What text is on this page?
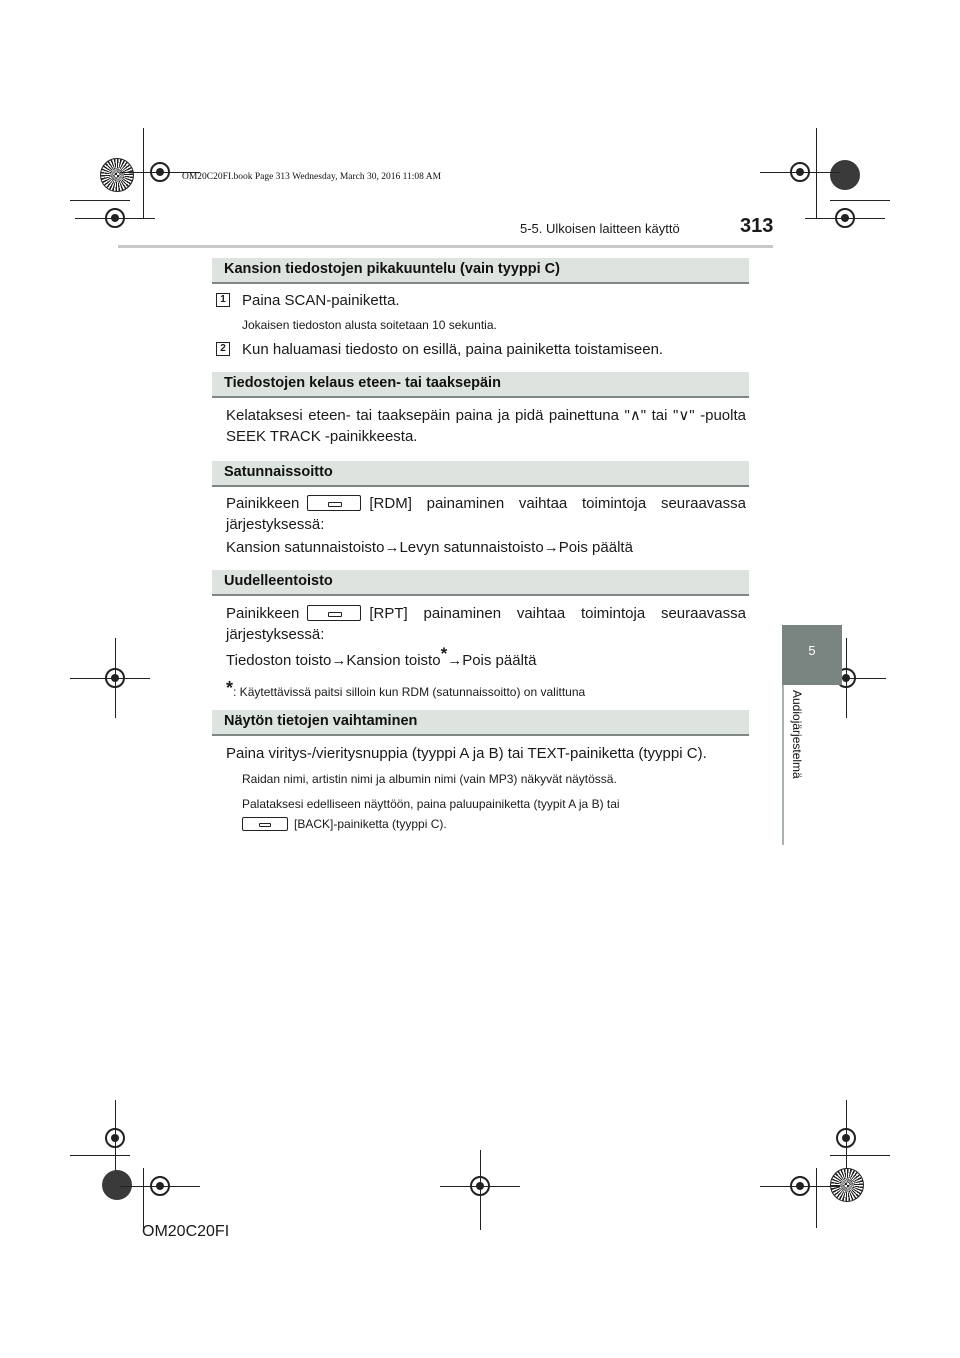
OM20C20FI.book Page 313 Wednesday, March 30, 2016 11:08 AM
5-5. Ulkoisen laitteen käyttö	313
5
Audiojärjestelmä
Kansion tiedostojen pikakuuntelu (vain tyyppi C)
1 Paina SCAN-painiketta.
Jokaisen tiedoston alusta soitetaan 10 sekuntia.
2 Kun haluamasi tiedosto on esillä, paina painiketta toistamiseen.
Tiedostojen kelaus eteen- tai taaksepäin
Kelataksesi eteen- tai taaksepäin paina ja pidä painettuna "∧" tai "∨" -puolta SEEK TRACK -painikkeesta.
Satunnaissoitto
Painikkeen	[RDM] painaminen vaihtaa toimintoja seuraavassa järjestyksessä:
Kansion satunnaistoisto→Levyn satunnaistoisto→Pois päältä
Uudelleentoisto
Painikkeen	[RPT] painaminen vaihtaa toimintoja seuraavassa järjestyksessä:
Tiedoston toisto→Kansion toisto*→Pois päältä
*: Käytettävissä paitsi silloin kun RDM (satunnaissoitto) on valittuna
Näytön tietojen vaihtaminen
Paina viritys-/vieritysnuppia (tyyppi A ja B) tai TEXT-painiketta (tyyppi C).
Raidan nimi, artistin nimi ja albumin nimi (vain MP3) näkyvät näytössä.
Palataksesi edelliseen näyttöön, paina paluupainiketta (tyypit A ja B) tai
[BACK]-painiketta (tyyppi C).
OM20C20FI
